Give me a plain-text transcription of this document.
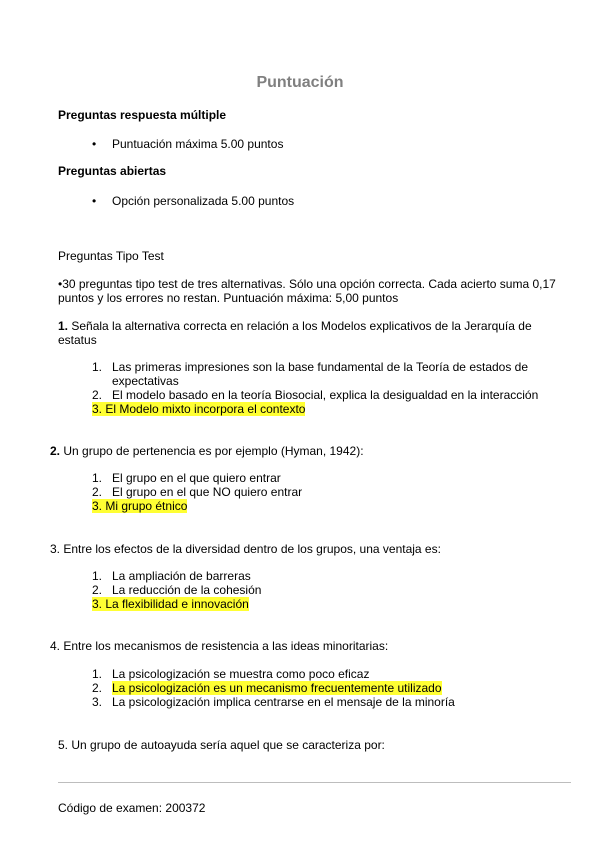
Puntuación
Preguntas respuesta múltiple
• Puntuación máxima 5.00 puntos
Preguntas abiertas
• Opción personalizada 5.00 puntos
Preguntas Tipo Test
•30 preguntas tipo test de tres alternativas. Sólo una opción correcta. Cada acierto suma 0,17 puntos y los errores no restan. Puntuación máxima: 5,00 puntos
1. Señala la alternativa correcta en relación a los Modelos explicativos de la Jerarquía de estatus
1. Las primeras impresiones son la base fundamental de la Teoría de estados de expectativas
2. El modelo basado en la teoría Biosocial, explica la desigualdad en la interacción
3. El Modelo mixto incorpora el contexto
2. Un grupo de pertenencia es por ejemplo (Hyman, 1942):
1. El grupo en el que quiero entrar
2. El grupo en el que NO quiero entrar
3. Mi grupo étnico
3. Entre los efectos de la diversidad dentro de los grupos, una ventaja es:
1. La ampliación de barreras
2. La reducción de la cohesión
3. La flexibilidad e innovación
4. Entre los mecanismos de resistencia a las ideas minoritarias:
1. La psicologización se muestra como poco eficaz
2. La psicologización es un mecanismo frecuentemente utilizado
3. La psicologización implica centrarse en el mensaje de la minoría
5. Un grupo de autoayuda sería aquel que se caracteriza por:
Código de examen: 200372
